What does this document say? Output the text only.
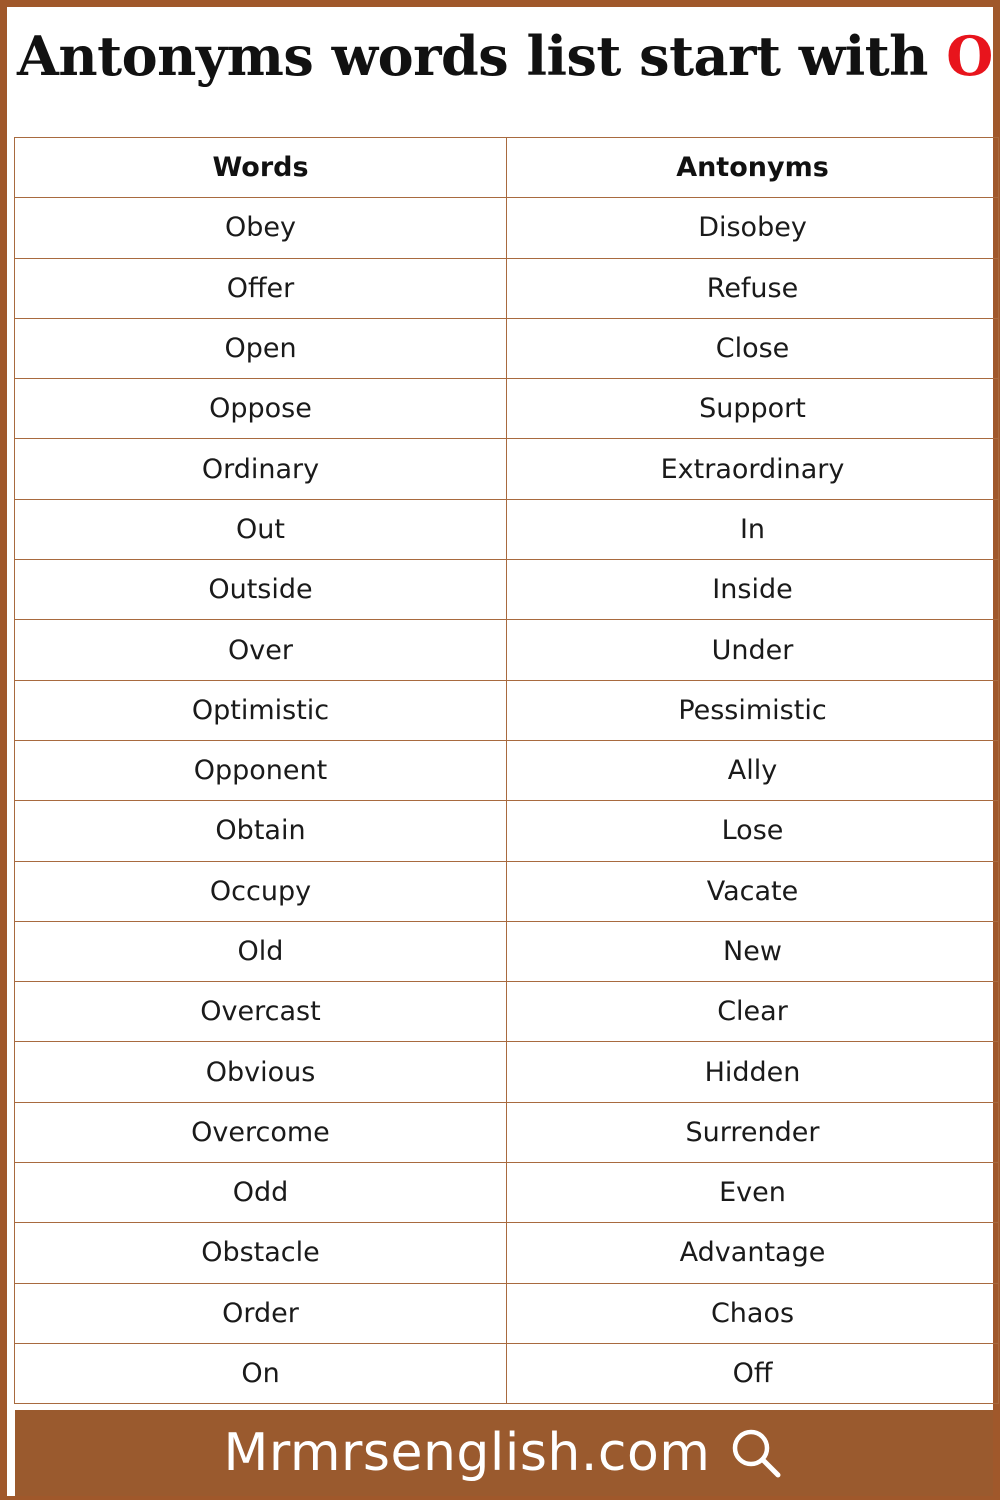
Antonyms words list start with O
Words	Antonyms
Obey	Disobey
Offer	Refuse
Open	Close
Oppose	Support
Ordinary	Extraordinary
Out	In
Outside	Inside
Over	Under
Optimistic	Pessimistic
Opponent	Ally
Obtain	Lose
Occupy	Vacate
Old	New
Overcast	Clear
Obvious	Hidden
Overcome	Surrender
Odd	Even
Obstacle	Advantage
Order	Chaos
On	Off
Mrmrsenglish.com
